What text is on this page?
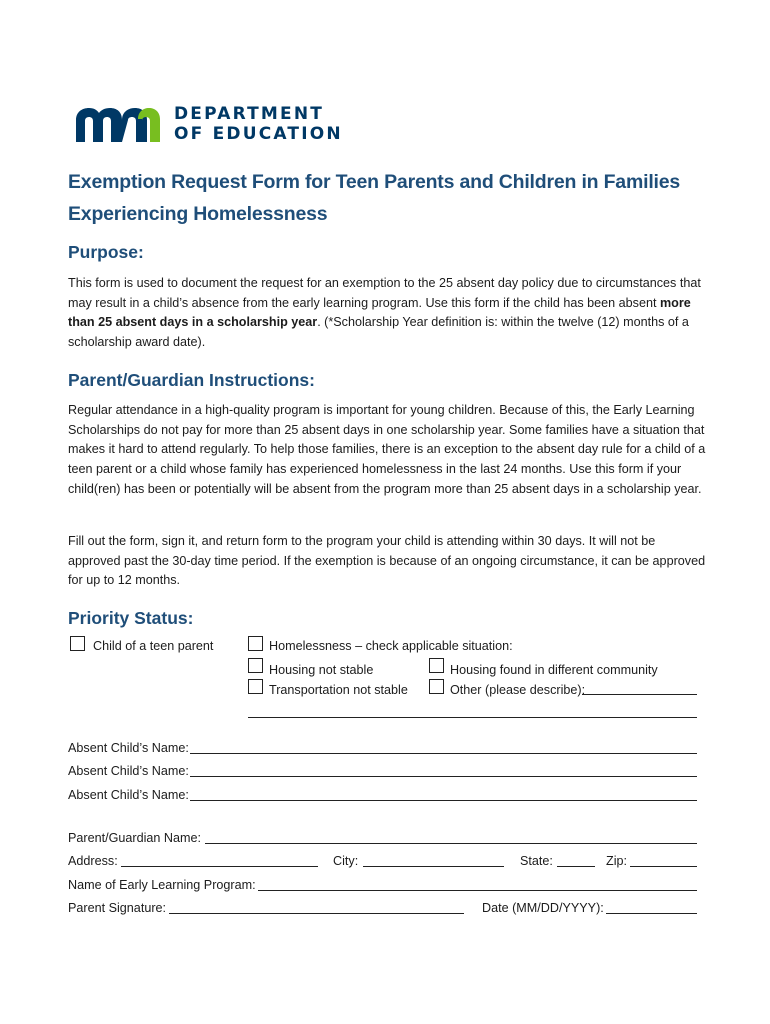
DEPARTMENT
OF EDUCATION
Exemption Request Form for Teen Parents and Children in Families Experiencing Homelessness
Purpose:

This form is used to document the request for an exemption to the 25 absent day policy due to circumstances that may result in a child’s absence from the early learning program. Use this form if the child has been absent more than 25 absent days in a scholarship year. (*Scholarship Year definition is: within the twelve (12) months of a scholarship award date).

Parent/Guardian Instructions:

Regular attendance in a high-quality program is important for young children. Because of this, the Early Learning Scholarships do not pay for more than 25 absent days in one scholarship year. Some families have a situation that makes it hard to attend regularly. To help those families, there is an exception to the absent day rule for a child of a teen parent or a child whose family has experienced homelessness in the last 24 months. Use this form if your child(ren) has been or potentially will be absent from the program more than 25 absent days in a scholarship year.

Fill out the form, sign it, and return form to the program your child is attending within 30 days. It will not be approved past the 30-day time period. If the exemption is because of an ongoing circumstance, it can be approved for up to 12 months.

Priority Status:
Child of a teen parent	Homelessness – check applicable situation:
Housing not stable	Housing found in different community
Transportation not stable	Other (please describe):
Absent Child’s Name:
Absent Child’s Name:
Absent Child’s Name:
Parent/Guardian Name:
Address:	City:	State:	Zip:
Name of Early Learning Program:
Parent Signature:	Date (MM/DD/YYYY):
